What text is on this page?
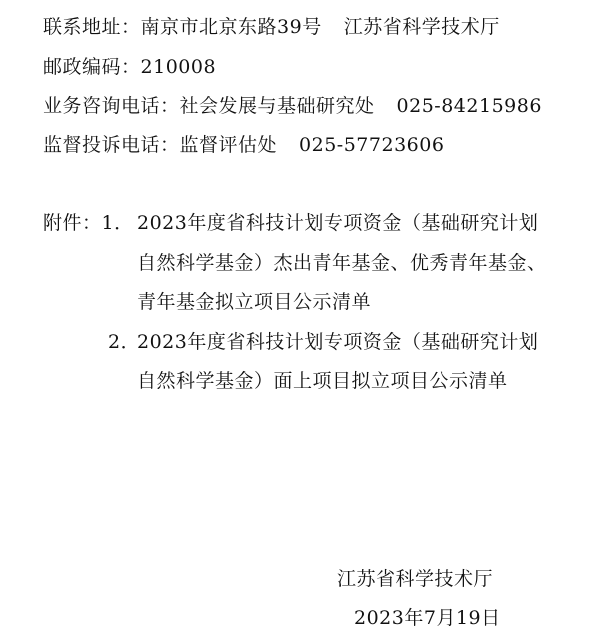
联系地址：南京市北京东路39号 江苏省科学技术厅
邮政编码：210008
业务咨询电话：社会发展与基础研究处 025-84215986
监督投诉电话：监督评估处 025-57723606
附件：1． 2023年度省科技计划专项资金（基础研究计划
自然科学基金）杰出青年基金、优秀青年基金、
青年基金拟立项目公示清单
2．
2023年度省科技计划专项资金（基础研究计划
自然科学基金）面上项目拟立项目公示清单
江苏省科学技术厅
2023年7月19日
